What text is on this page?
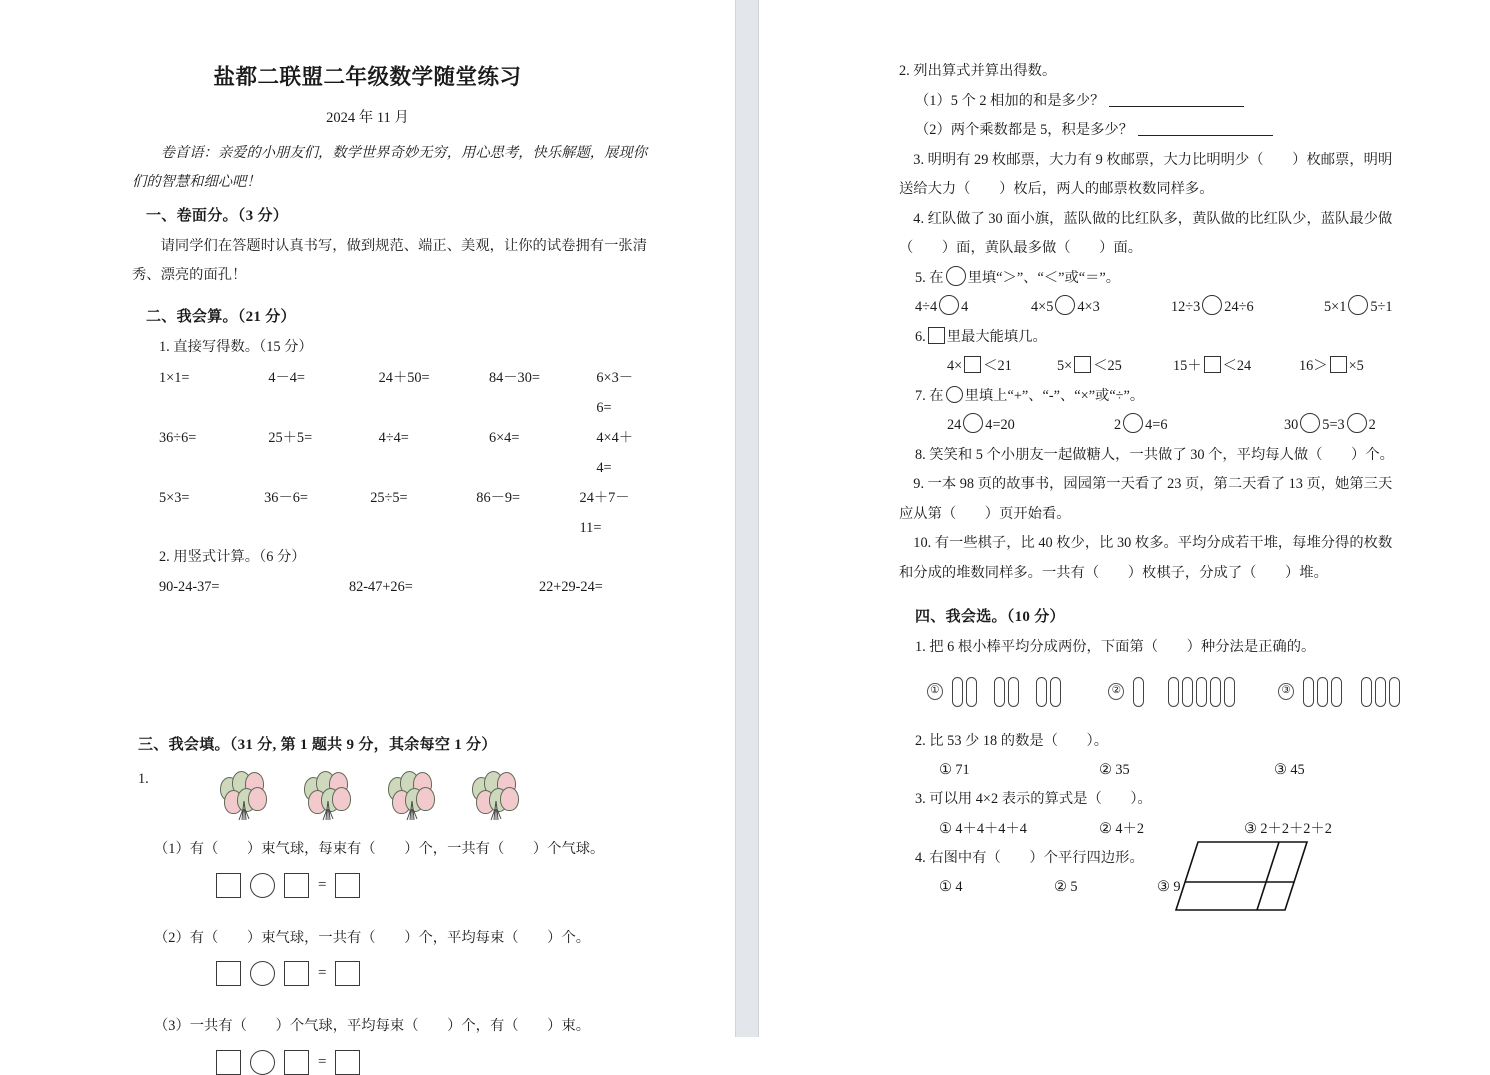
盐都二联盟二年级数学随堂练习
2024 年 11 月

卷首语：亲爱的小朋友们，数学世界奇妙无穷，用心思考，快乐解题，展现你们的智慧和细心吧！

一、卷面分。（3 分）

请同学们在答题时认真书写，做到规范、端正、美观，让你的试卷拥有一张清秀、漂亮的面孔！

二、我会算。（21 分）

1. 直接写得数。（15 分）

1×1=	4－4=	24＋50=	84－30=	6×3－6=
36÷6=	25＋5=	4÷4=	6×4=	4×4＋4=
5×3=	36－6=	25÷5=	86－9=	24＋7－11=

2. 用竖式计算。（6 分）

90-24-37=	82-47+26=	22+29-24=

三、我会填。（31 分, 第 1 题共 9 分，其余每空 1 分）

1.

（1）有（　　）束气球，每束有（　　）个，一共有（　　）个气球。

=

（2）有（　　）束气球，一共有（　　）个，平均每束（　　）个。

=

（3）一共有（　　）个气球，平均每束（　　）个，有（　　）束。

=

2. 列出算式并算出得数。

（1）5 个 2 相加的和是多少？

（2）两个乘数都是 5，积是多少？

3. 明明有 29 枚邮票，大力有 9 枚邮票，大力比明明少（　　）枚邮票，明明送给大力（　　）枚后，两人的邮票枚数同样多。

4. 红队做了 30 面小旗，蓝队做的比红队多，黄队做的比红队少，蓝队最少做（　　）面，黄队最多做（　　）面。

5. 在 里填“＞”、“＜”或“＝”。

4÷4 4	4×5 4×3	12÷3 24÷6	5×1 5÷1

6. 里最大能填几。

4× ＜21	5× ＜25	15＋ ＜24	16＞ ×5

7. 在 里填上“+”、“-”、“×”或“÷”。

24 4=20	2 4=6	30 5=3 2

8. 笑笑和 5 个小朋友一起做糖人，一共做了 30 个，平均每人做（　　）个。

9. 一本 98 页的故事书，园园第一天看了 23 页，第二天看了 13 页，她第三天应从第（　　）页开始看。

10. 有一些棋子，比 40 枚少，比 30 枚多。平均分成若干堆，每堆分得的枚数和分成的堆数同样多。一共有（　　）枚棋子，分成了（　　）堆。

四、我会选。（10 分）

1. 把 6 根小棒平均分成两份，下面第（　　）种分法是正确的。

①	②	③

2. 比 53 少 18 的数是（　　）。

① 71	② 35	③ 45

3. 可以用 4×2 表示的算式是（　　）。

① 4＋4＋4＋4	② 4＋2	③ 2＋2＋2＋2

4. 右图中有（　　）个平行四边形。

① 4	② 5	③ 9
